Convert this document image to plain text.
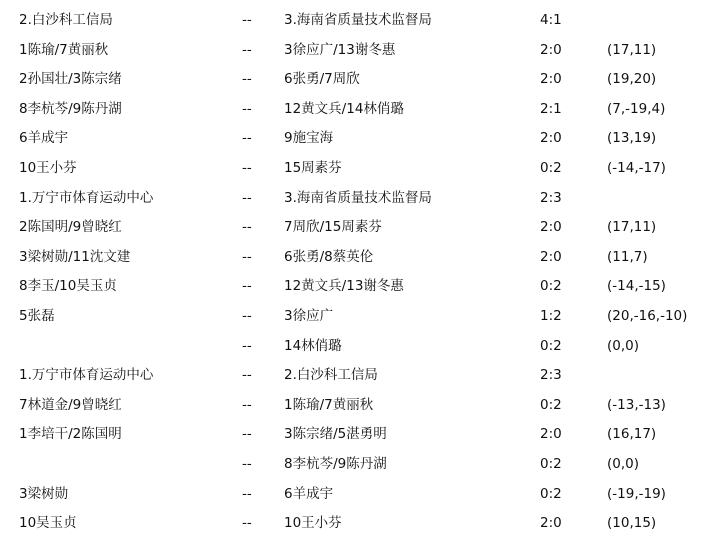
2.白沙科工信局	-- 3.海南省质量技术监督局	4:1
1陈瑜/7黄丽秋	-- 3徐应广/13谢冬惠	2:0	(17,11)
2孙国壮/3陈宗绪	-- 6张勇/7周欣	2:0	(19,20)
8李杭芩/9陈丹湖	-- 12黄文兵/14林俏璐	2:1	(7,-19,4)
6羊成宇	-- 9施宝海	2:0	(13,19)
10王小芬	-- 15周素芬	0:2	(-14,-17)
1.万宁市体育运动中心	-- 3.海南省质量技术监督局	2:3
2陈国明/9曾晓红	-- 7周欣/15周素芬	2:0	(17,11)
3梁树勋/11沈文建	-- 6张勇/8蔡英伦	2:0	(11,7)
8李玉/10吴玉贞	-- 12黄文兵/13谢冬惠	0:2	(-14,-15)
5张磊	-- 3徐应广	1:2	(20,-16,-10)
-- 14林俏璐	0:2	(0,0)
1.万宁市体育运动中心	-- 2.白沙科工信局	2:3
7林道金/9曾晓红	-- 1陈瑜/7黄丽秋	0:2	(-13,-13)
1李培干/2陈国明	-- 3陈宗绪/5湛勇明	2:0	(16,17)
-- 8李杭芩/9陈丹湖	0:2	(0,0)
3梁树勋	-- 6羊成宇	0:2	(-19,-19)
10吴玉贞	-- 10王小芬	2:0	(10,15)
